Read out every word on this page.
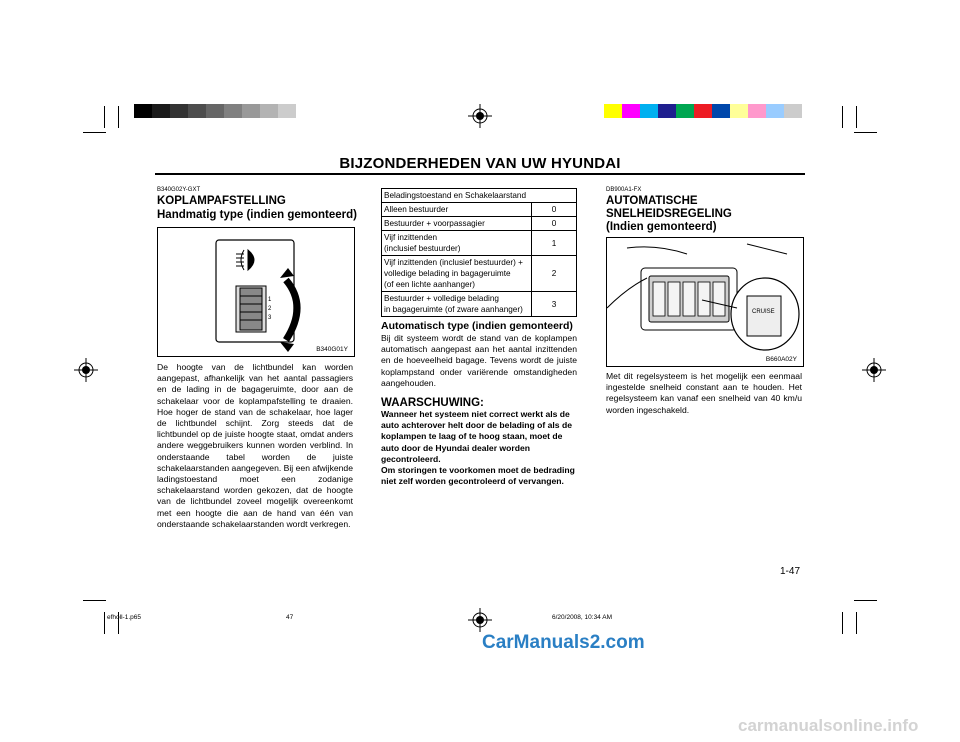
BIJZONDERHEDEN VAN UW HYUNDAI
B340G02Y-GXT
KOPLAMPAFSTELLING
Handmatig type (indien gemonteerd)
1
2
3
B340G01Y
De hoogte van de lichtbundel kan worden aangepast, afhankelijk van het aantal passagiers en de lading in de bagageruimte, door aan de schakelaar voor de koplampafstelling te draaien. Hoe hoger de stand van de schakelaar, hoe lager de lichtbundel schijnt. Zorg steeds dat de lichtbundel op de juiste hoogte staat, omdat anders andere weggebruikers kunnen worden verblind. In onderstaande tabel worden de juiste schakelaarstanden aangegeven. Bij een afwijkende ladingstoestand moet een zodanige schakelaarstand worden gekozen, dat de hoogte van de lichtbundel zoveel mogelijk overeenkomt met een hoogte die aan de hand van één van onderstaande schakelaarstanden wordt verkregen.
Beladingstoestand en Schakelaarstand	
Alleen bestuurder	0
Bestuurder + voorpassagier	0
Vijf inzittenden
(inclusief bestuurder)	1
Vijf inzittenden (inclusief bestuurder) +
volledige belading in bagageruimte
(of een lichte aanhanger)	2
Bestuurder + volledige belading
in bagageruimte (of zware aanhanger)	3
Automatisch type (indien gemonteerd)
Bij dit systeem wordt de stand van de koplampen automatisch aangepast aan het aantal inzittenden en de hoeveelheid bagage. Tevens wordt de juiste koplampstand onder variërende omstandigheden aangehouden.
WAARSCHUWING:
Wanneer het systeem niet correct werkt als de auto achterover helt door de belading of als de koplampen te laag of te hoog staan, moet de auto door de Hyundai dealer worden gecontroleerd.
Om storingen te voorkomen moet de bedrading niet zelf worden gecontroleerd of vervangen.
DB900A1-FX
AUTOMATISCHE SNELHEIDSREGELING (Indien gemonteerd)
CRUISE
B660A02Y
Met dit regelsysteem is het mogelijk een eenmaal ingestelde snelheid constant aan te houden. Het regelsysteem kan vanaf een snelheid van 40 km/u worden ingeschakeld.
1-47
efholl-1.p65	47	6/20/2008, 10:34 AM
CarManuals2.com
carmanualsonline.info
